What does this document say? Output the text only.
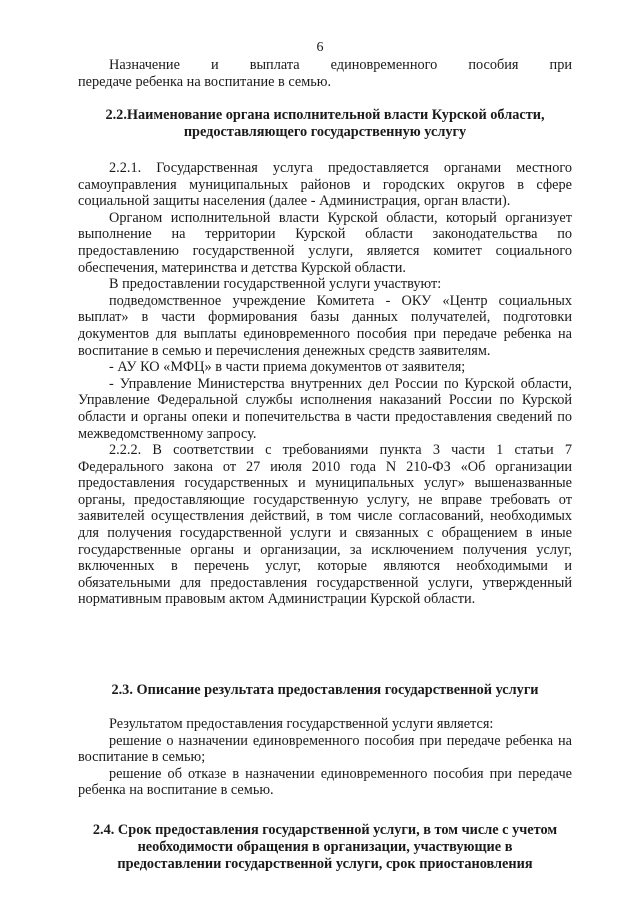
6

Назначение и выплата единовременного пособия при

передаче ребенка на воспитание в семью.

2.2.Наименование органа исполнительной власти Курской области, предоставляющего государственную услугу

2.2.1. Государственная услуга предоставляется органами местного самоуправления муниципальных районов и городских округов в сфере социальной защиты населения (далее - Администрация, орган власти).

Органом исполнительной власти Курской области, который организует выполнение на территории Курской области законодательства по предоставлению государственной услуги, является комитет социального обеспечения, материнства и детства Курской области.

В предоставлении государственной услуги участвуют:

подведомственное учреждение Комитета - ОКУ «Центр социальных выплат» в части формирования базы данных получателей, подготовки документов для выплаты единовременного пособия при передаче ребенка на воспитание в семью и перечисления денежных средств заявителям.

- АУ КО «МФЦ» в части приема документов от заявителя;

- Управление Министерства внутренних дел России по Курской области, Управление Федеральной службы исполнения наказаний России по Курской области и органы опеки и попечительства в части предоставления сведений по межведомственному запросу.

2.2.2. В соответствии с требованиями пункта 3 части 1 статьи 7 Федерального закона от 27 июля 2010 года N 210-ФЗ «Об организации предоставления государственных и муниципальных услуг» вышеназванные органы, предоставляющие государственную услугу, не вправе требовать от заявителей осуществления действий, в том числе согласований, необходимых для получения государственной услуги и связанных с обращением в иные государственные органы и организации, за исключением получения услуг, включенных в перечень услуг, которые являются необходимыми и обязательными для предоставления государственной услуги, утвержденный нормативным правовым актом Администрации Курской области.

2.3. Описание результата предоставления государственной услуги

Результатом предоставления государственной услуги является:

решение о назначении единовременного пособия при передаче ребенка на воспитание в семью;

решение об отказе в назначении единовременного пособия при передаче ребенка на воспитание в семью.

2.4. Срок предоставления государственной услуги, в том числе с учетом необходимости обращения в организации, участвующие в предоставлении государственной услуги, срок приостановления
